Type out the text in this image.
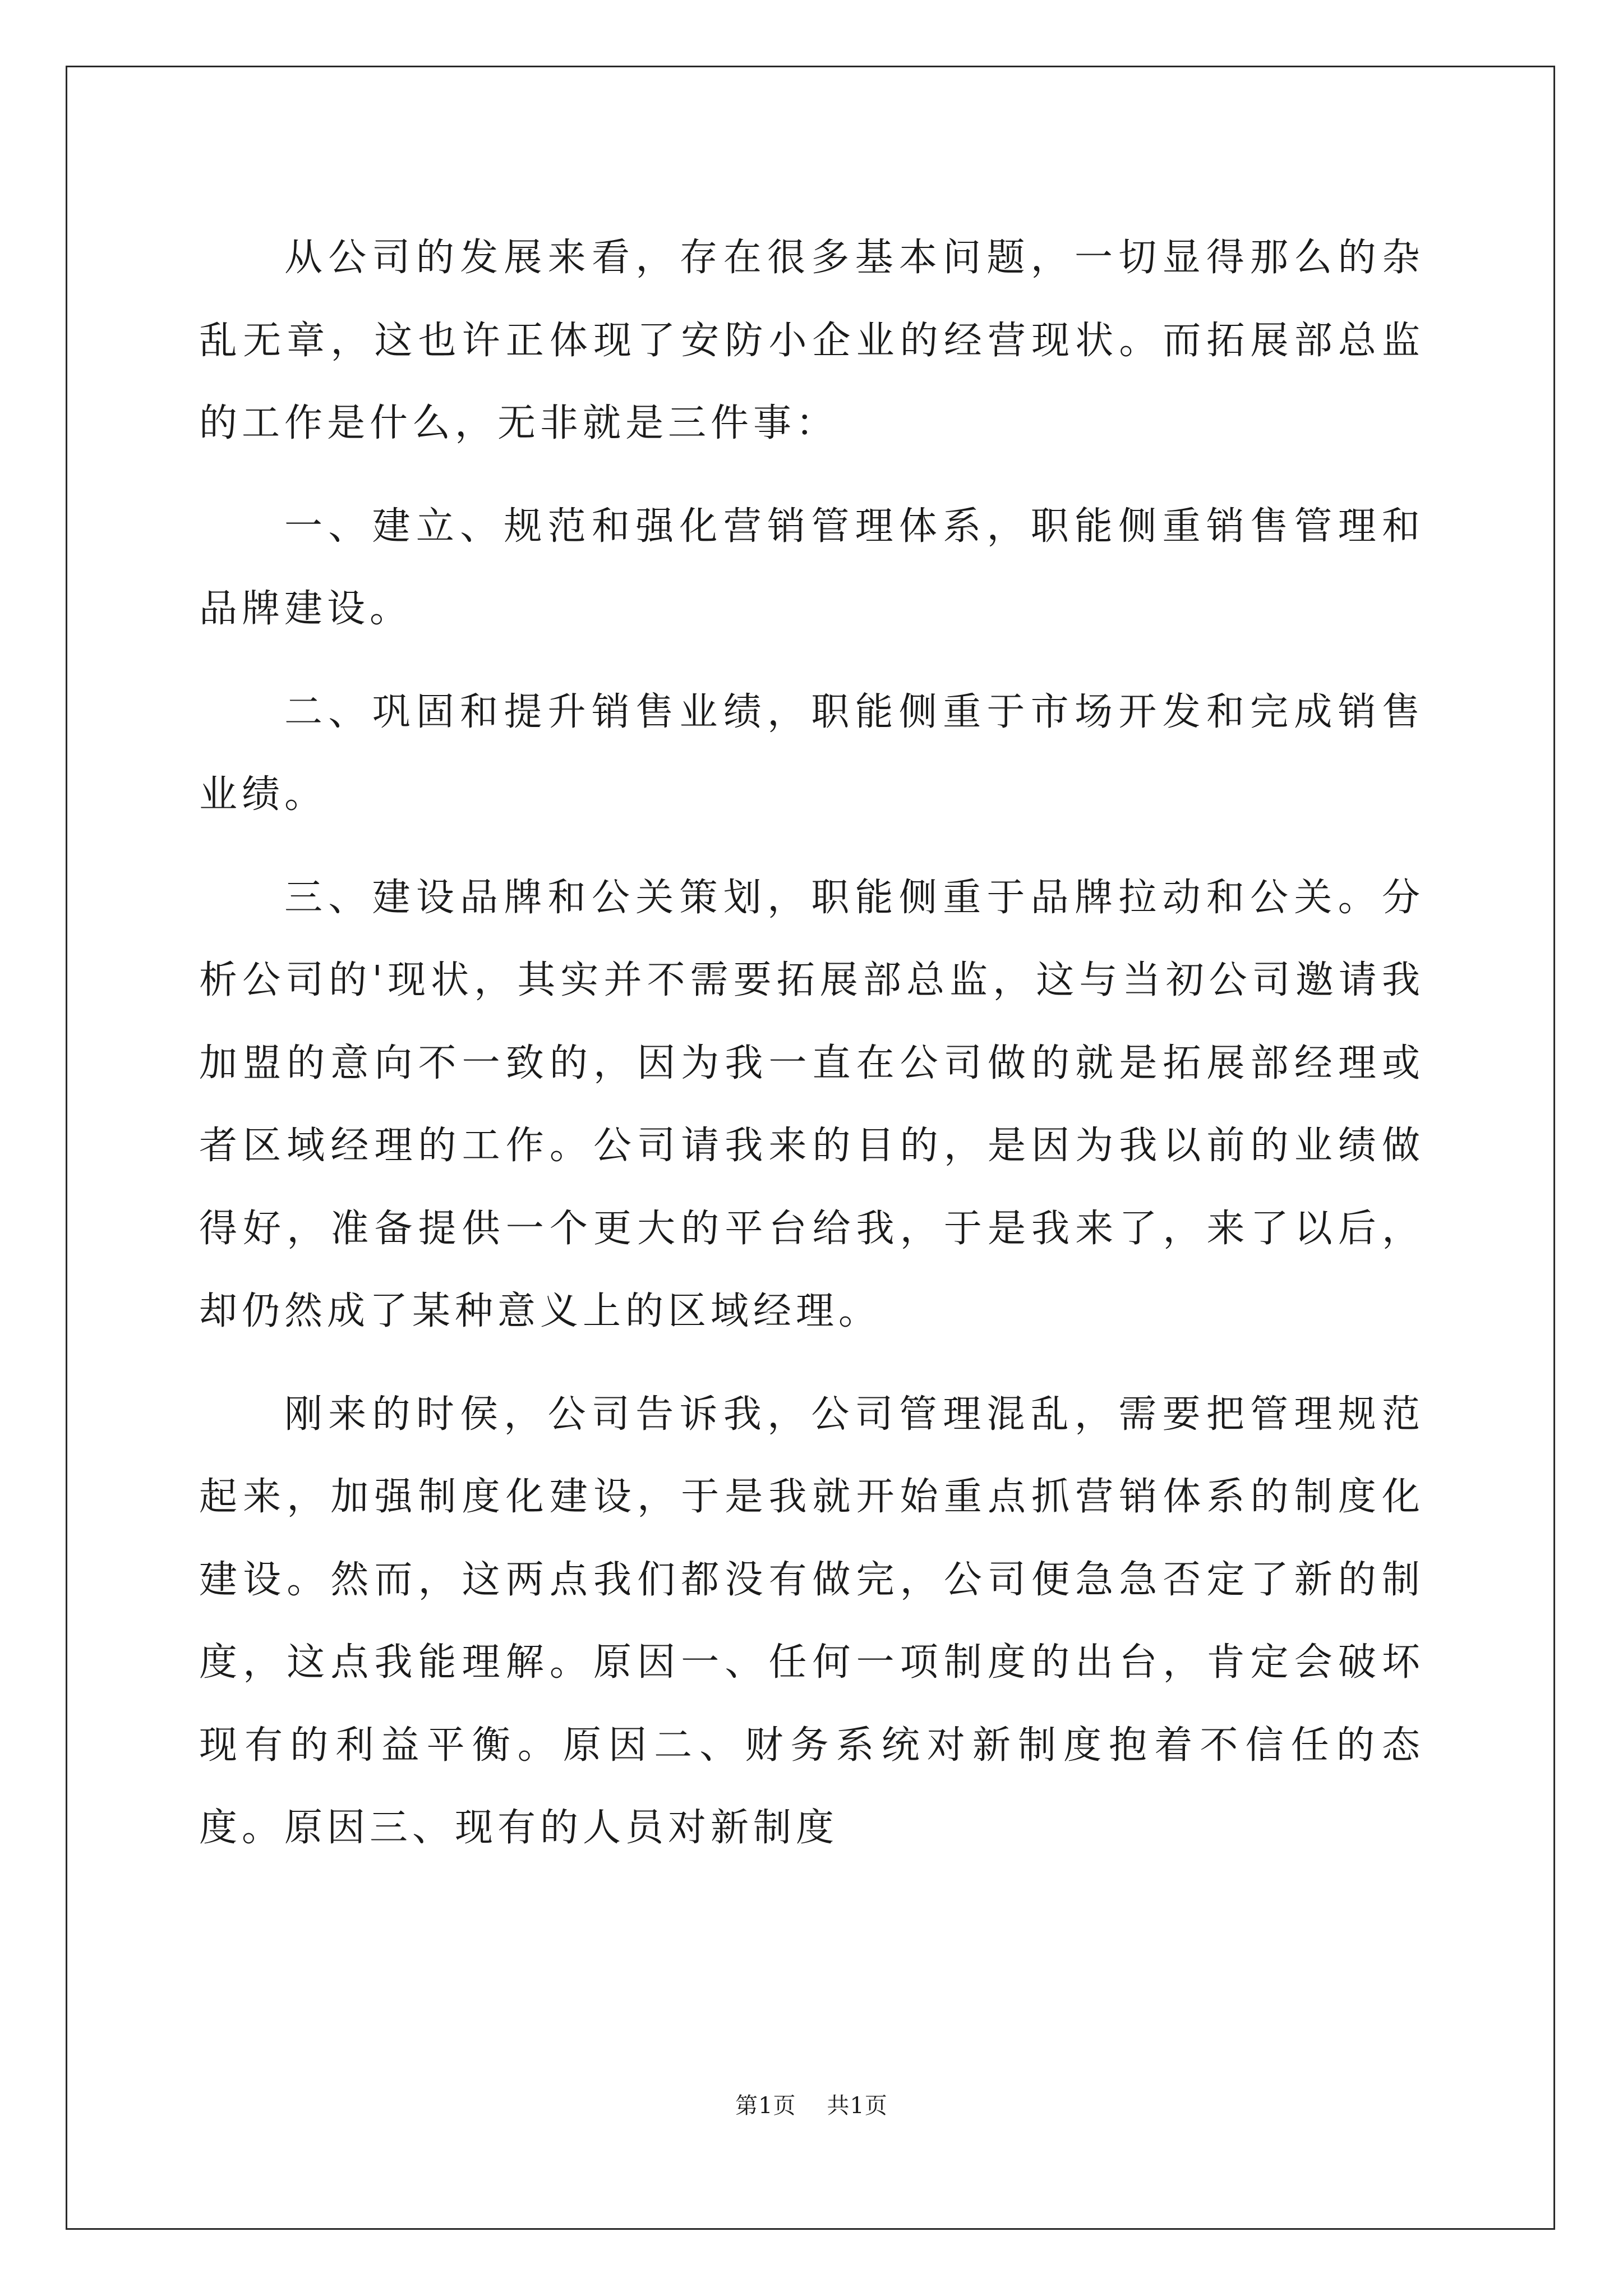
从公司的发展来看，存在很多基本问题，一切显得那么的杂乱无章，这也许正体现了安防小企业的经营现状。而拓展部总监的工作是什么，无非就是三件事：

一、建立、规范和强化营销管理体系，职能侧重销售管理和品牌建设。

二、巩固和提升销售业绩，职能侧重于市场开发和完成销售业绩。

三、建设品牌和公关策划，职能侧重于品牌拉动和公关。分析公司的'现状，其实并不需要拓展部总监，这与当初公司邀请我加盟的意向不一致的，因为我一直在公司做的就是拓展部经理或者区域经理的工作。公司请我来的目的，是因为我以前的业绩做得好，准备提供一个更大的平台给我，于是我来了，来了以后，却仍然成了某种意义上的区域经理。

刚来的时侯，公司告诉我，公司管理混乱，需要把管理规范起来，加强制度化建设，于是我就开始重点抓营销体系的制度化建设。然而，这两点我们都没有做完，公司便急急否定了新的制度，这点我能理解。原因一、任何一项制度的出台，肯定会破坏现有的利益平衡。原因二、财务系统对新制度抱着不信任的态度。原因三、现有的人员对新制度

第1页 共1页
